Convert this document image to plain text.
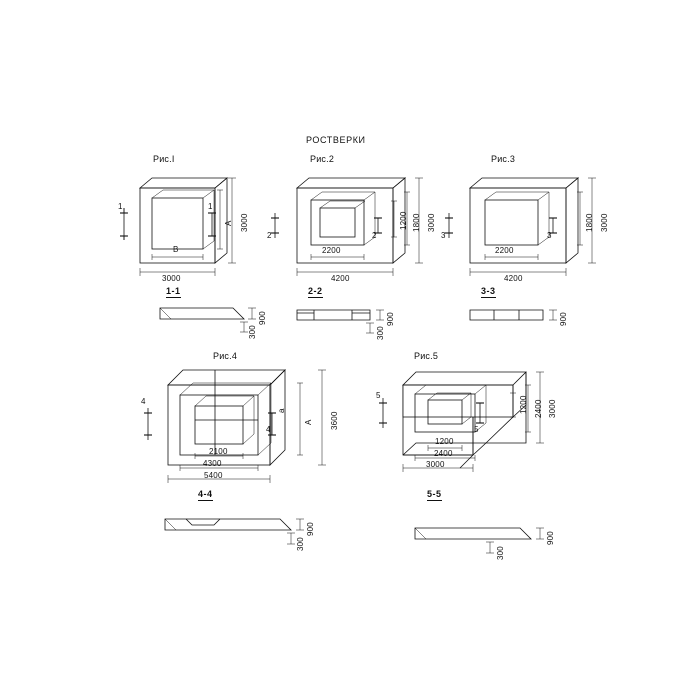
РОСТВЕРКИ
Рис.І
1	1
3000
А
В
3000
1-1
900
300
Рис.2
2	2
3000
1800
1200
2200
4200
2-2
900
300
Рис.3
3	3
3000
1800
2200
4200
3-3
900
Рис.4
4
4	3600
А
а
2100
4300
5400
4-4
900
300
Рис.5
5
5
3000
2400
1200
1200
2400
3000
5-5
900
300
